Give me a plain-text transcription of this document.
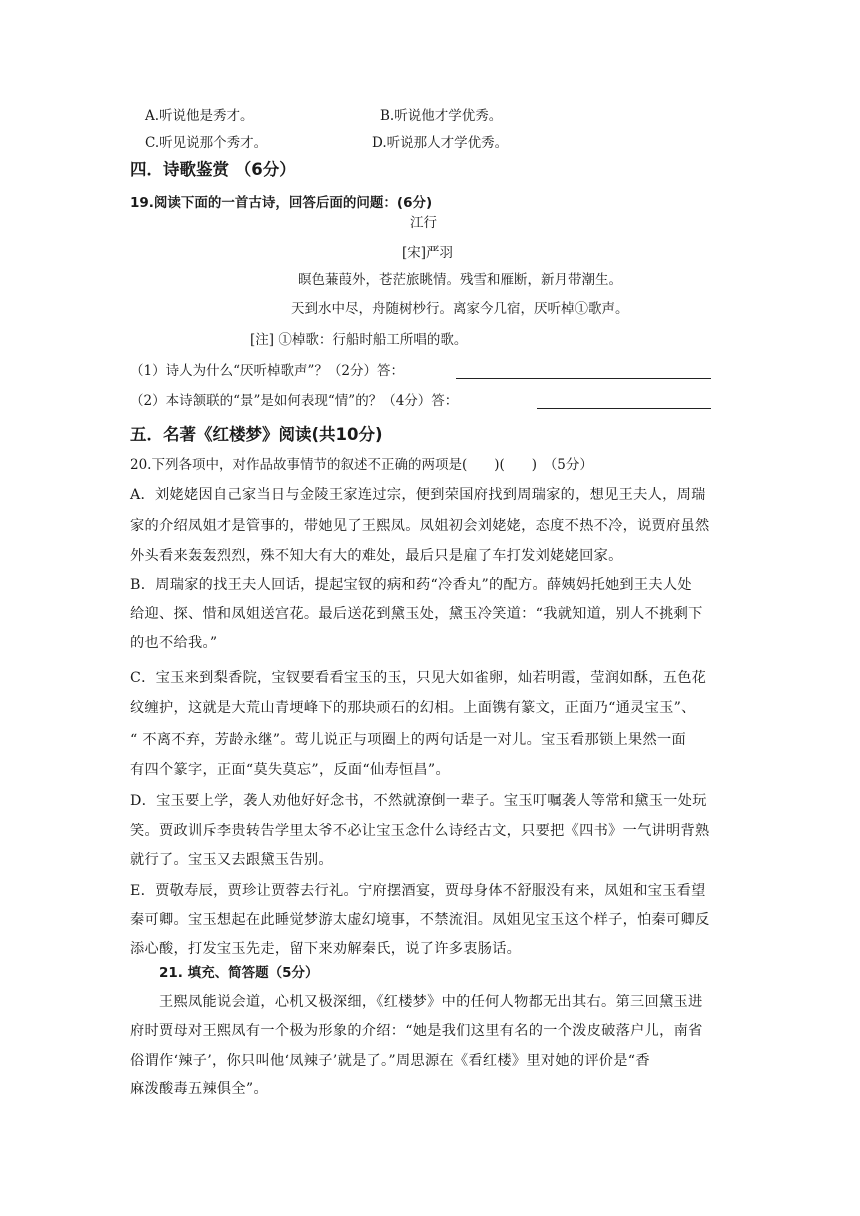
A.听说他是秀才。	B.听说他才学优秀。
C.听见说那个秀才。	D.听说那人才学优秀。
四．诗歌鉴赏 （6分）
19.阅读下面的一首古诗，回答后面的问题：(6分)
江行
[宋]严羽
暝色蒹葭外，苍茫旅眺情。残雪和雁断，新月带潮生。
天到水中尽，舟随树杪行。离家今几宿，厌听棹①歌声。
[注] ①棹歌：行船时船工所唱的歌。
（1）诗人为什么“厌听棹歌声”？（2分）答：
（2）本诗颔联的“景”是如何表现“情”的？（4分）答：
五．名著《红楼梦》阅读(共10分)
20.下列各项中，对作品故事情节的叙述不正确的两项是(　　)(　　)　（5分）
A．刘姥姥因自己家当日与金陵王家连过宗，便到荣国府找到周瑞家的，想见王夫人，周瑞
家的介绍凤姐才是管事的，带她见了王熙凤。凤姐初会刘姥姥，态度不热不冷，说贾府虽然
外头看来轰轰烈烈，殊不知大有大的难处，最后只是雇了车打发刘姥姥回家。
B．周瑞家的找王夫人回话，提起宝钗的病和药“冷香丸”的配方。薛姨妈托她到王夫人处
给迎、探、惜和凤姐送宫花。最后送花到黛玉处，黛玉冷笑道：“我就知道，别人不挑剩下
的也不给我。”
C．宝玉来到梨香院，宝钗要看看宝玉的玉，只见大如雀卵，灿若明霞，莹润如酥，五色花
纹缠护，这就是大荒山青埂峰下的那块顽石的幻相。上面镌有篆文，正面乃“通灵宝玉”、
“ 不离不弃，芳龄永继”。莺儿说正与项圈上的两句话是一对儿。宝玉看那锁上果然一面
有四个篆字，正面“莫失莫忘”，反面“仙寿恒昌”。
D．宝玉要上学，袭人劝他好好念书，不然就潦倒一辈子。宝玉叮嘱袭人等常和黛玉一处玩
笑。贾政训斥李贵转告学里太爷不必让宝玉念什么诗经古文，只要把《四书》一气讲明背熟
就行了。宝玉又去跟黛玉告别。
E．贾敬寿辰，贾珍让贾蓉去行礼。宁府摆酒宴，贾母身体不舒服没有来，凤姐和宝玉看望
秦可卿。宝玉想起在此睡觉梦游太虚幻境事，不禁流泪。凤姐见宝玉这个样子，怕秦可卿反
添心酸，打发宝玉先走，留下来劝解秦氏，说了许多衷肠话。
21. 填充、简答题（5分）
王熙凤能说会道，心机又极深细，《红楼梦》中的任何人物都无出其右。第三回黛玉进
府时贾母对王熙凤有一个极为形象的介绍：“她是我们这里有名的一个泼皮破落户儿，南省
俗谓作‘辣子’，你只叫他‘凤辣子’就是了。”周思源在《看红楼》里对她的评价是“香
麻泼酸毒五辣俱全”。
